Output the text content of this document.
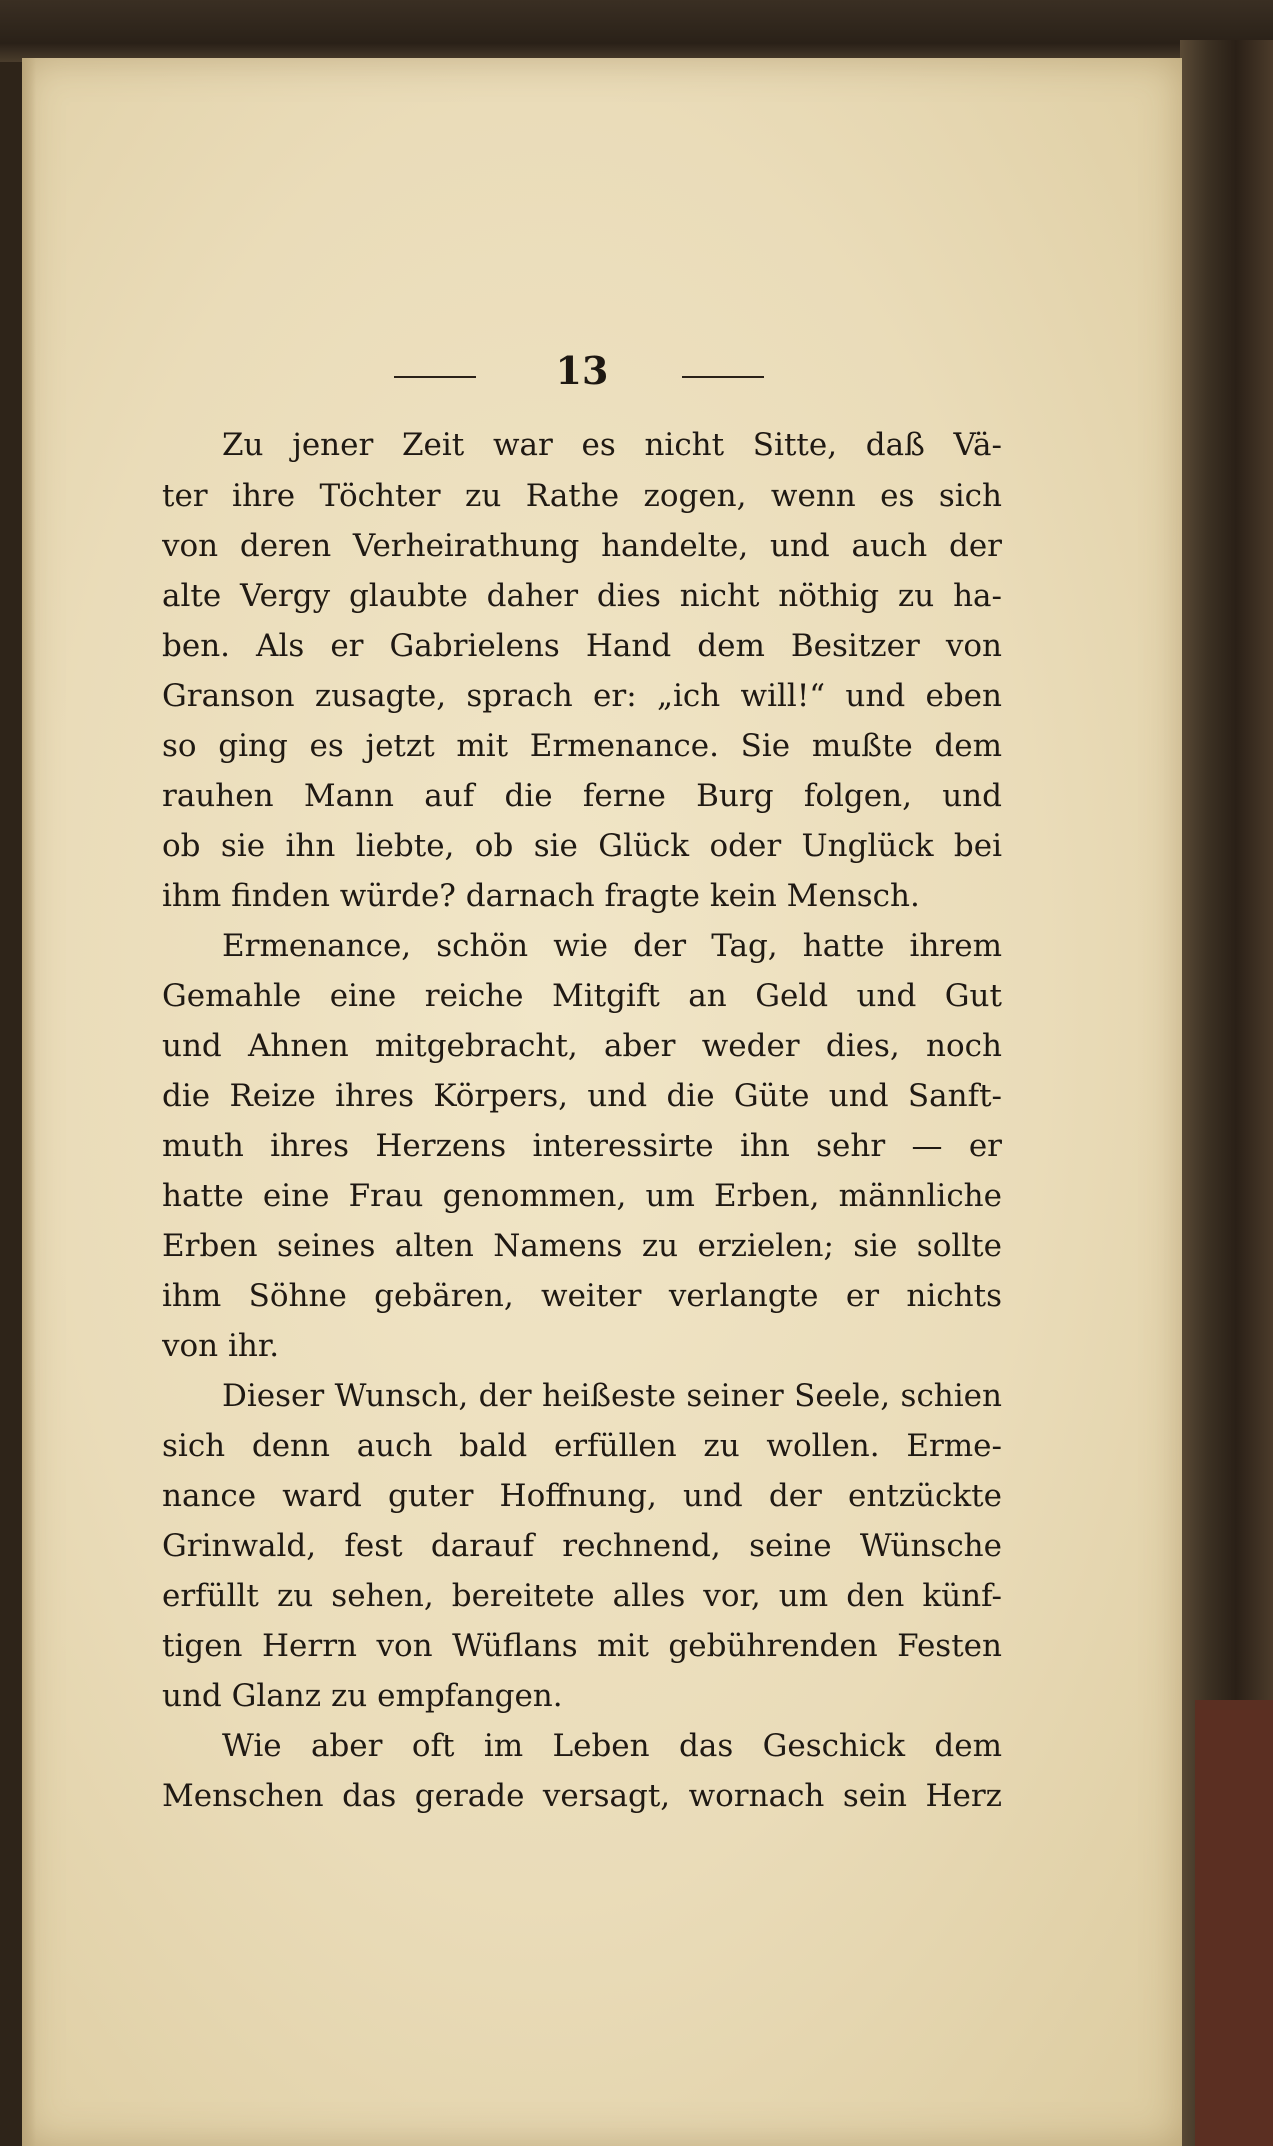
13
Zu jener Zeit war es nicht Sitte, daß Vä-
ter ihre Töchter zu Rathe zogen, wenn es sich
von deren Verheirathung handelte, und auch der
alte Vergy glaubte daher dies nicht nöthig zu ha-
ben. Als er Gabrielens Hand dem Besitzer von
Granson zusagte, sprach er: „ich will!“ und eben
so ging es jetzt mit Ermenance. Sie mußte dem
rauhen Mann auf die ferne Burg folgen, und
ob sie ihn liebte, ob sie Glück oder Unglück bei
ihm finden würde? darnach fragte kein Mensch.
Ermenance, schön wie der Tag, hatte ihrem
Gemahle eine reiche Mitgift an Geld und Gut
und Ahnen mitgebracht, aber weder dies, noch
die Reize ihres Körpers, und die Güte und Sanft-
muth ihres Herzens interessirte ihn sehr — er
hatte eine Frau genommen, um Erben, männliche
Erben seines alten Namens zu erzielen; sie sollte
ihm Söhne gebären, weiter verlangte er nichts
von ihr.
Dieser Wunsch, der heißeste seiner Seele, schien
sich denn auch bald erfüllen zu wollen. Erme-
nance ward guter Hoffnung, und der entzückte
Grinwald, fest darauf rechnend, seine Wünsche
erfüllt zu sehen, bereitete alles vor, um den künf-
tigen Herrn von Wüflans mit gebührenden Festen
und Glanz zu empfangen.
Wie aber oft im Leben das Geschick dem
Menschen das gerade versagt, wornach sein Herz
